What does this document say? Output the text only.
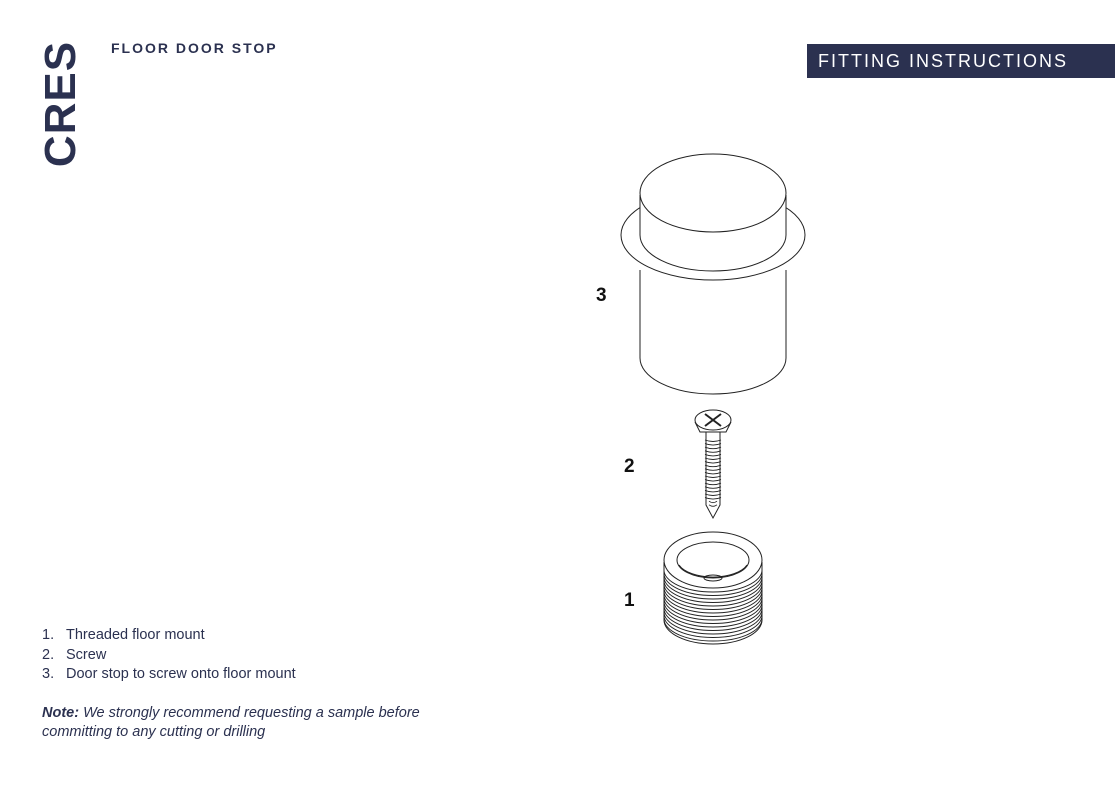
CRES FLOOR DOOR STOP
FITTING INSTRUCTIONS
3
2
1
1. Threaded floor mount
2. Screw
3. Door stop to screw onto floor mount
Note: We strongly recommend requesting a sample before committing to any cutting or drilling
